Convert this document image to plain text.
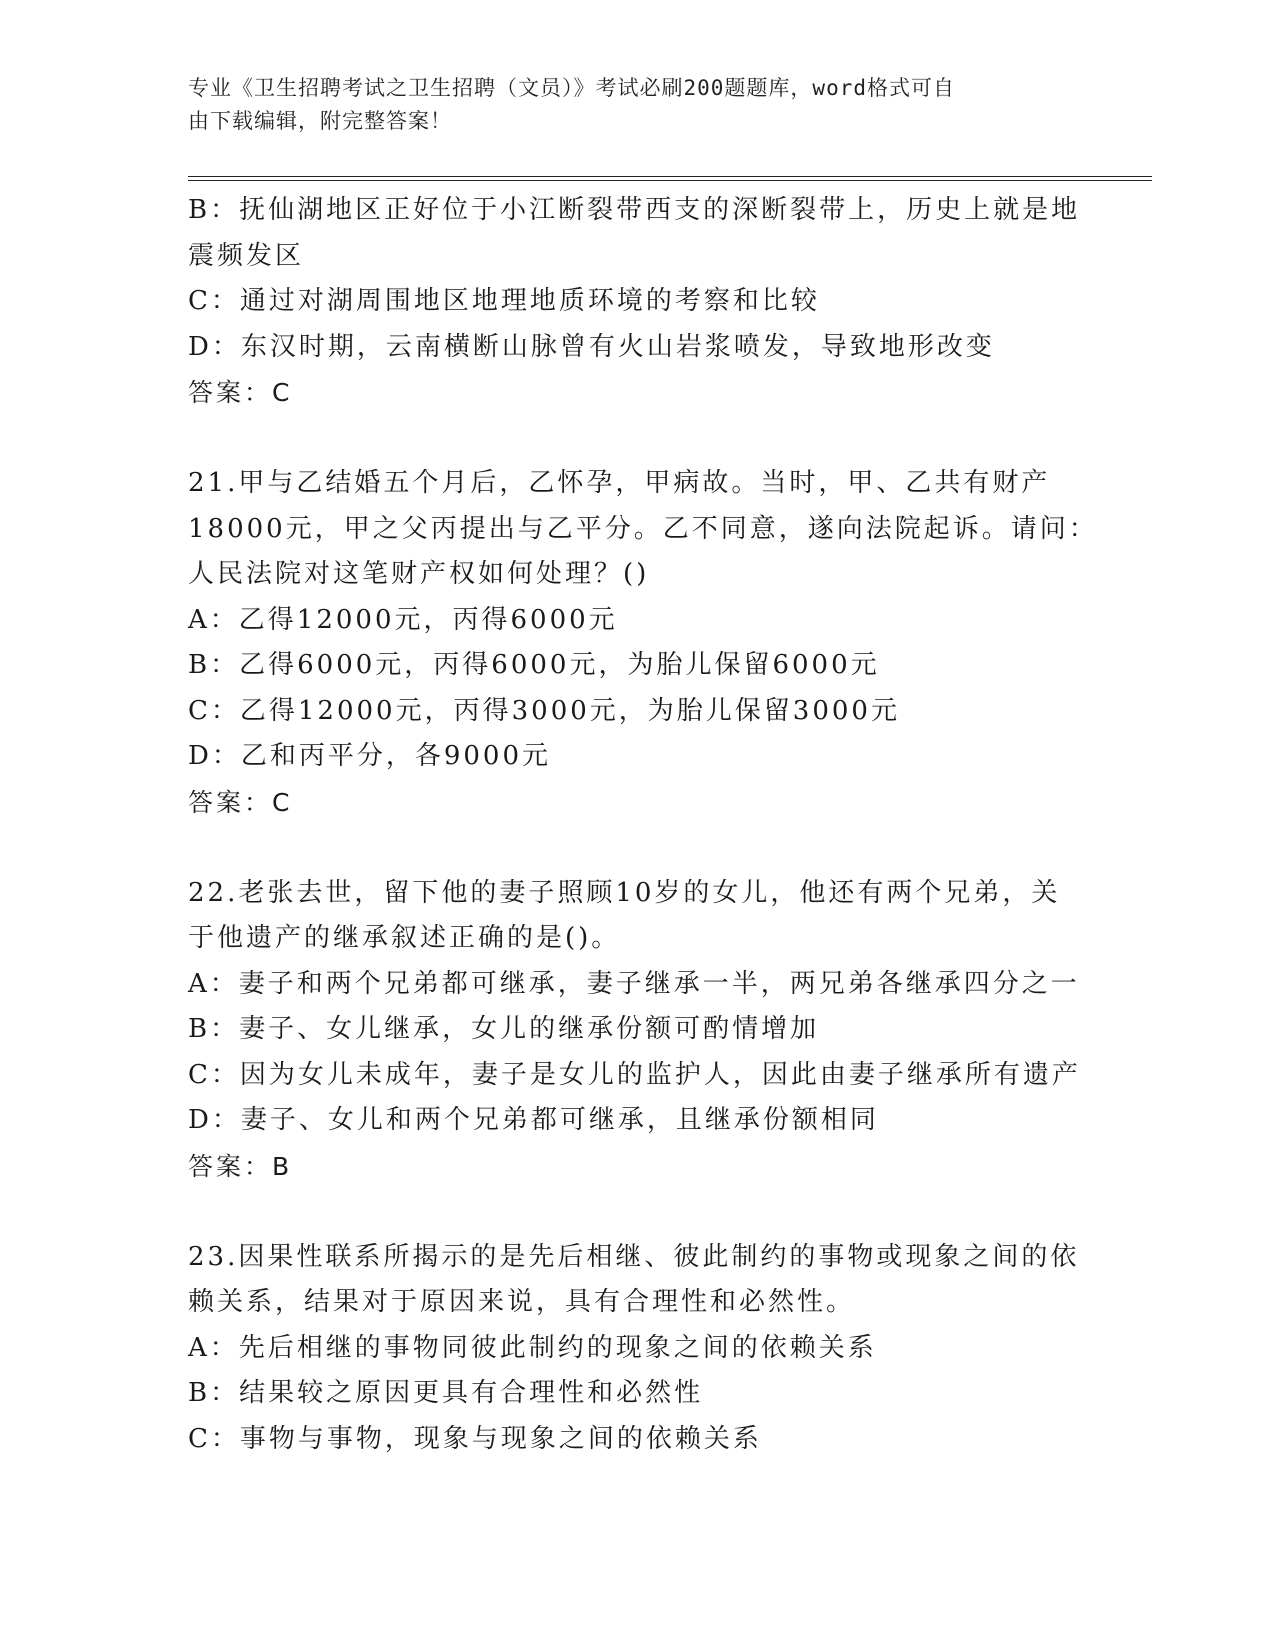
专业《卫生招聘考试之卫生招聘（文员）》考试必刷200题题库，word格式可自
由下载编辑，附完整答案！
B：抚仙湖地区正好位于小江断裂带西支的深断裂带上，历史上就是地
震频发区
C：通过对湖周围地区地理地质环境的考察和比较
D：东汉时期，云南横断山脉曾有火山岩浆喷发，导致地形改变
答案：C
21.甲与乙结婚五个月后，乙怀孕，甲病故。当时，甲、乙共有财产
18000元，甲之父丙提出与乙平分。乙不同意，遂向法院起诉。请问：
人民法院对这笔财产权如何处理？()
A：乙得12000元，丙得6000元
B：乙得6000元，丙得6000元，为胎儿保留6000元
C：乙得12000元，丙得3000元，为胎儿保留3000元
D：乙和丙平分，各9000元
答案：C
22.老张去世，留下他的妻子照顾10岁的女儿，他还有两个兄弟，关
于他遗产的继承叙述正确的是()。
A：妻子和两个兄弟都可继承，妻子继承一半，两兄弟各继承四分之一
B：妻子、女儿继承，女儿的继承份额可酌情增加
C：因为女儿未成年，妻子是女儿的监护人，因此由妻子继承所有遗产
D：妻子、女儿和两个兄弟都可继承，且继承份额相同
答案：B
23.因果性联系所揭示的是先后相继、彼此制约的事物或现象之间的依
赖关系，结果对于原因来说，具有合理性和必然性。
A：先后相继的事物同彼此制约的现象之间的依赖关系
B：结果较之原因更具有合理性和必然性
C：事物与事物，现象与现象之间的依赖关系
